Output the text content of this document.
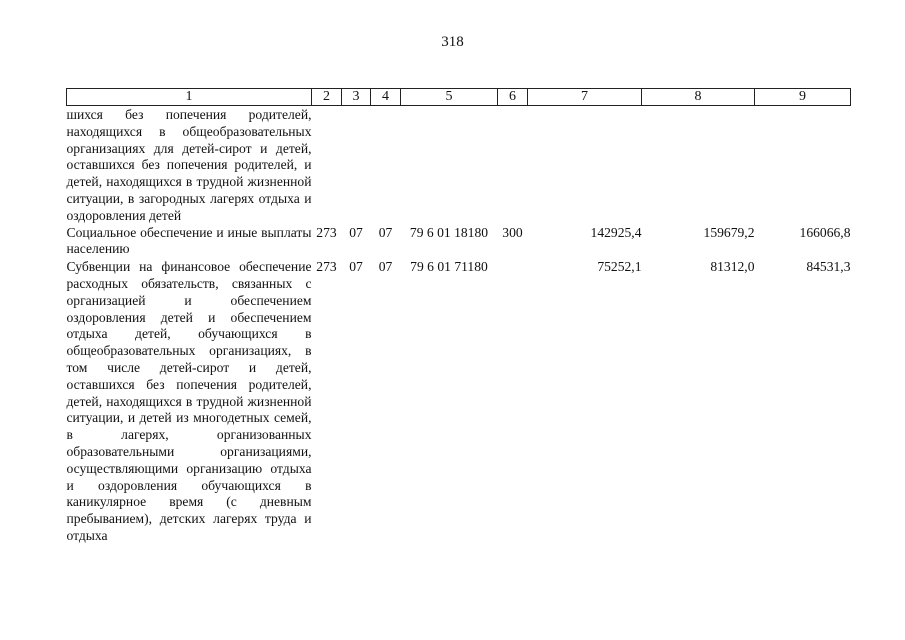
318
1	2	3	4	5	6	7	8	9
шихся без попечения родителей, находящихся в общеобразовательных организациях для детей-сирот и детей, оставшихся без попечения родителей, и детей, находящихся в трудной жизненной ситуации, в загородных лагерях отдыха и оздоровления детей								
Социальное обеспечение и иные выплаты населению	273	07	07	79 6 01 18180	300	142925,4	159679,2	166066,8
Субвенции на финансовое обеспечение расходных обязательств, связанных с организацией и обеспечением оздоровления детей и обеспечением отдыха детей, обучающихся в общеобразовательных организациях, в том числе детей-сирот и детей, оставшихся без попечения родителей, детей, находящихся в трудной жизненной ситуации, и детей из многодетных семей, в лагерях, организованных образовательными организациями, осуществляющими организацию отдыха и оздоровления обучающихся в каникулярное время (с дневным пребыванием), детских лагерях труда и отдыха	273	07	07	79 6 01 71180		75252,1	81312,0	84531,3
